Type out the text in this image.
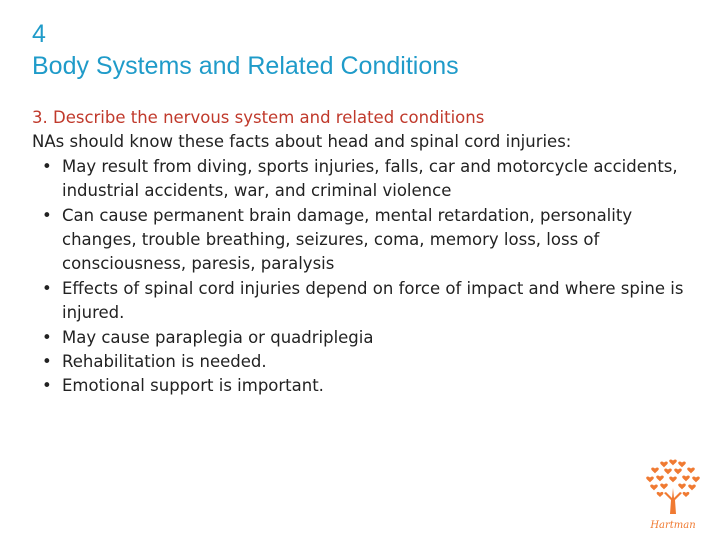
4
Body Systems and Related Conditions
3. Describe the nervous system and related conditions
NAs should know these facts about head and spinal cord injuries:
• May result from diving, sports injuries, falls, car and motorcycle accidents, industrial accidents, war, and criminal violence
• Can cause permanent brain damage, mental retardation, personality changes, trouble breathing, seizures, coma, memory loss, loss of consciousness, paresis, paralysis
• Effects of spinal cord injuries depend on force of impact and where spine is injured.
• May cause paraplegia or quadriplegia
• Rehabilitation is needed.
• Emotional support is important.
Hartman
